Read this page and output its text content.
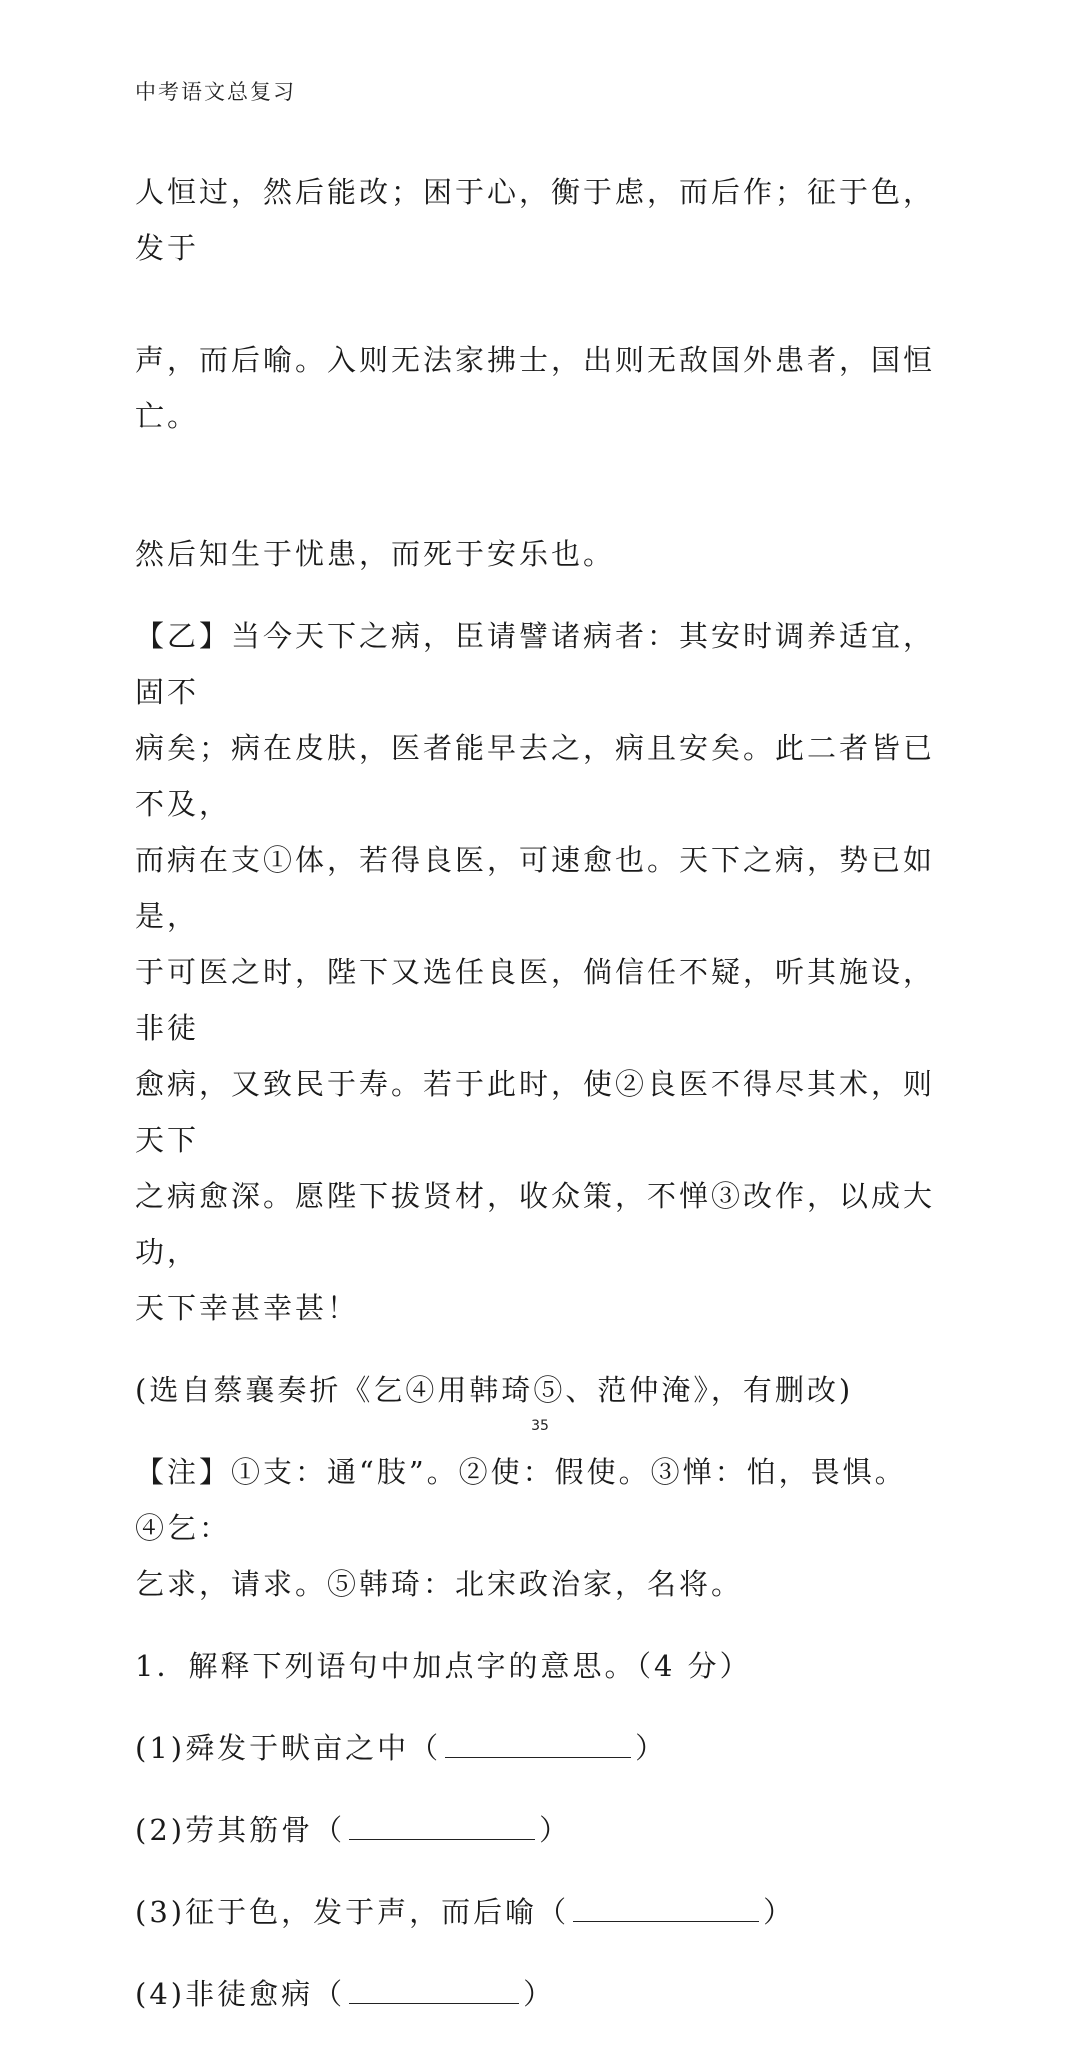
中考语文总复习

人恒过，然后能改；困于心，衡于虑，而后作；征于色，发于

声，而后喻。入则无法家拂士，出则无敌国外患者，国恒亡。

然后知生于忧患，而死于安乐也。
【乙】当今天下之病，臣请譬诸病者：其安时调养适宜，固不
病矣；病在皮肤，医者能早去之，病且安矣。此二者皆已不及，
而病在支①体，若得良医，可速愈也。天下之病，势已如是，
于可医之时，陛下又选任良医，倘信任不疑，听其施设，非徒
愈病，又致民于寿。若于此时，使②良医不得尽其术，则天下
之病愈深。愿陛下拔贤材，收众策，不惮③改作，以成大功，
天下幸甚幸甚！
(选自蔡襄奏折《乞④用韩琦⑤、范仲淹》，有删改)
【注】①支：通“肢”。②使：假使。③惮：怕，畏惧。④乞：
乞求，请求。⑤韩琦：北宋政治家，名将。
1．解释下列语句中加点字的意思。（4 分）
(1)舜发于畎亩之中（	）
(2)劳其筋骨（	）
(3)征于色，发于声，而后喻（	）
(4)非徒愈病（	）
35
